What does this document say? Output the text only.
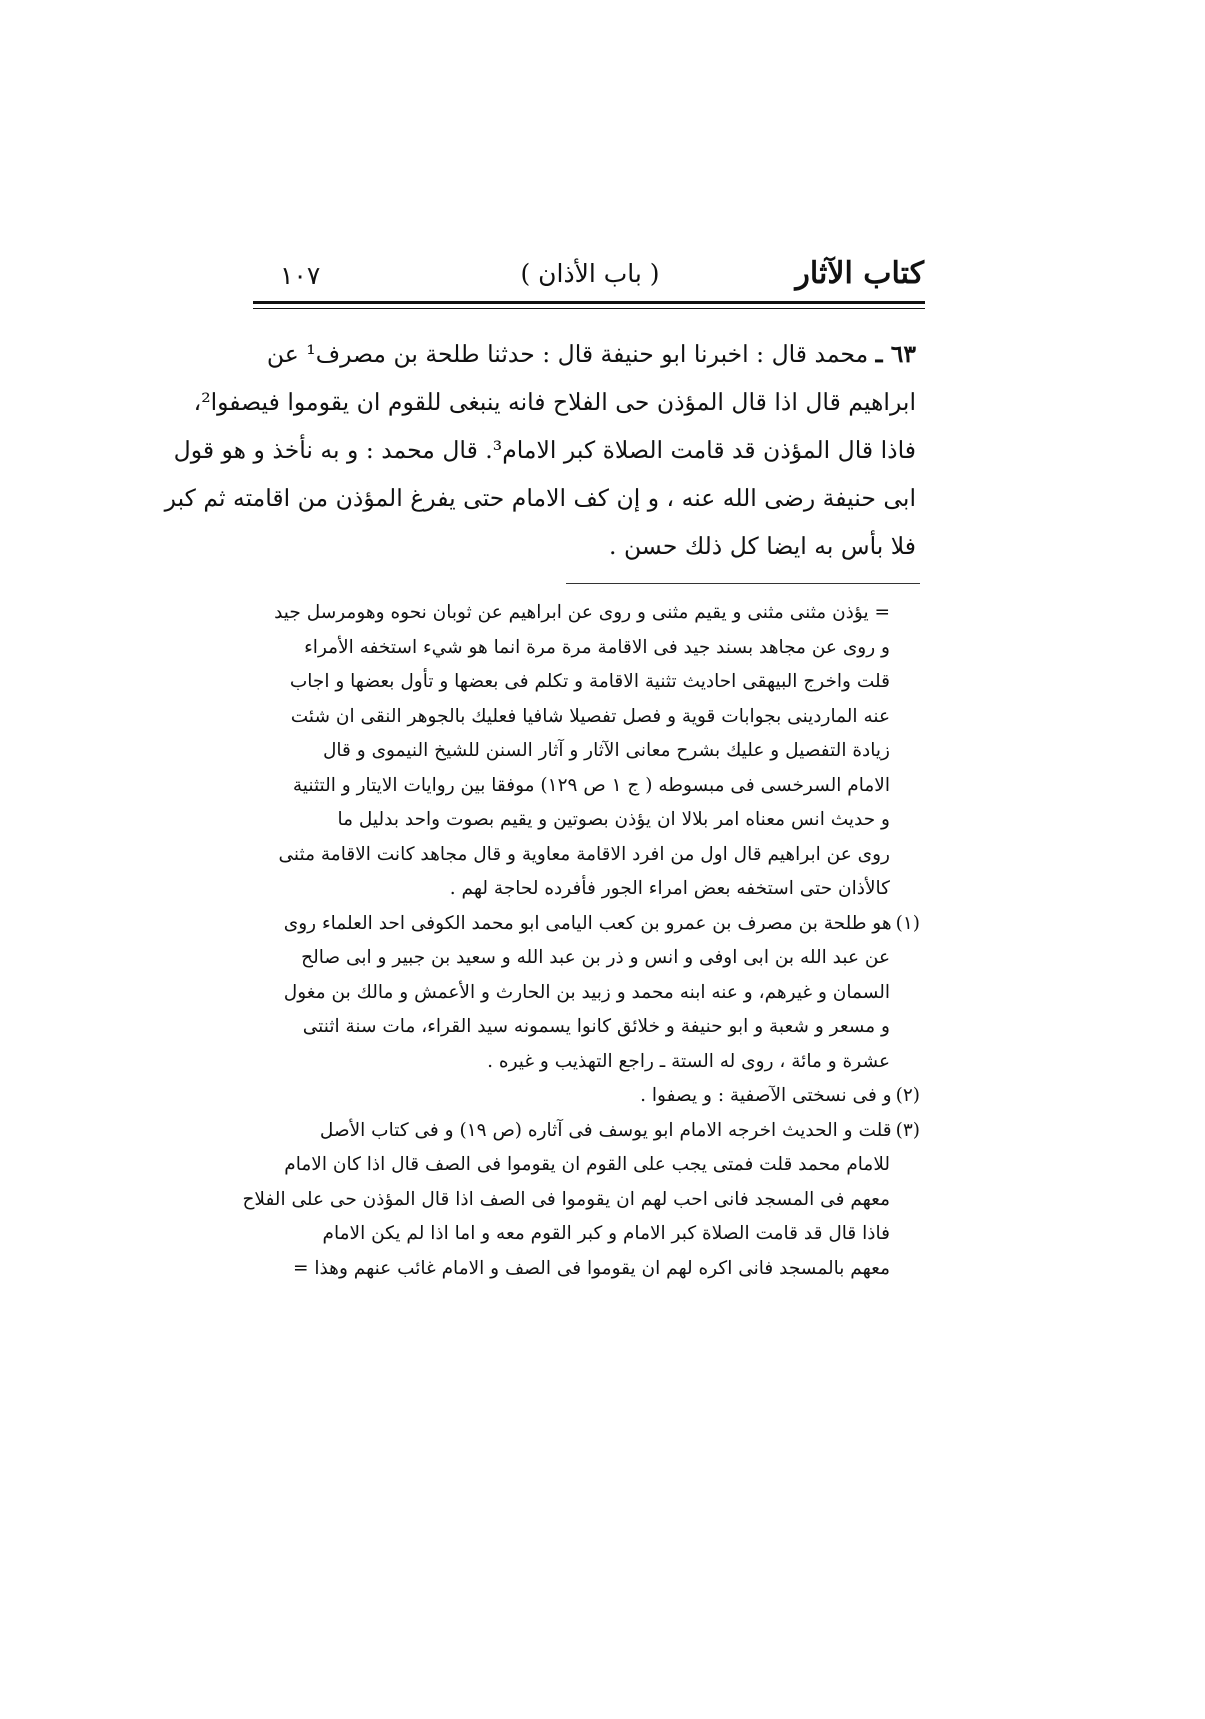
كتاب الآثار
( باب الأذان )
١٠٧
٦٣ ـ محمد قال : اخبرنا ابو حنيفة قال : حدثنا طلحة بن مصرف¹ عن
ابراهيم قال اذا قال المؤذن حى الفلاح فانه ينبغى للقوم ان يقوموا فيصفوا²،
فاذا قال المؤذن قد قامت الصلاة كبر الامام³. قال محمد : و به نأخذ و هو قول
ابى حنيفة رضى الله عنه ، و إن كف الامام حتى يفرغ المؤذن من اقامته ثم كبر
فلا بأس به ايضا كل ذلك حسن .
= يؤذن مثنى مثنى و يقيم مثنى و روى عن ابراهيم عن ثوبان نحوه وهومرسل جيد
و روى عن مجاهد بسند جيد فى الاقامة مرة مرة انما هو شيء استخفه الأمراء
قلت واخرج البيهقى احاديث تثنية الاقامة و تكلم فى بعضها و تأول بعضها و اجاب
عنه الماردينى بجوابات قوية و فصل تفصيلا شافيا فعليك بالجوهر النقى ان شئت
زيادة التفصيل و عليك بشرح معانى الآثار و آثار السنن للشيخ النيموى و قال
الامام السرخسى فى مبسوطه ( ج ١ ص ١٢٩) موفقا بين روايات الايتار و التثنية
و حديث انس معناه امر بلالا ان يؤذن بصوتين و يقيم بصوت واحد بدليل ما
روى عن ابراهيم قال اول من افرد الاقامة معاوية و قال مجاهد كانت الاقامة مثنى
كالأذان حتى استخفه بعض امراء الجور فأفرده لحاجة لهم .
(١)هو طلحة بن مصرف بن عمرو بن كعب اليامى ابو محمد الكوفى احد العلماء روى
عن عبد الله بن ابى اوفى و انس و ذر بن عبد الله و سعيد بن جبير و ابى صالح
السمان و غيرهم، و عنه ابنه محمد و زبيد بن الحارث و الأعمش و مالك بن مغول
و مسعر و شعبة و ابو حنيفة و خلائق كانوا يسمونه سيد القراء، مات سنة اثنتى
عشرة و مائة ، روى له الستة ـ راجع التهذيب و غيره .
(٢)و فى نسختى الآصفية : و يصفوا .
(٣)قلت و الحديث اخرجه الامام ابو يوسف فى آثاره (ص ١٩) و فى كتاب الأصل
للامام محمد قلت فمتى يجب على القوم ان يقوموا فى الصف قال اذا كان الامام
معهم فى المسجد فانى احب لهم ان يقوموا فى الصف اذا قال المؤذن حى على الفلاح
فاذا قال قد قامت الصلاة كبر الامام و كبر القوم معه و اما اذا لم يكن الامام
معهم بالمسجد فانى اكره لهم ان يقوموا فى الصف و الامام غائب عنهم وهذا =
